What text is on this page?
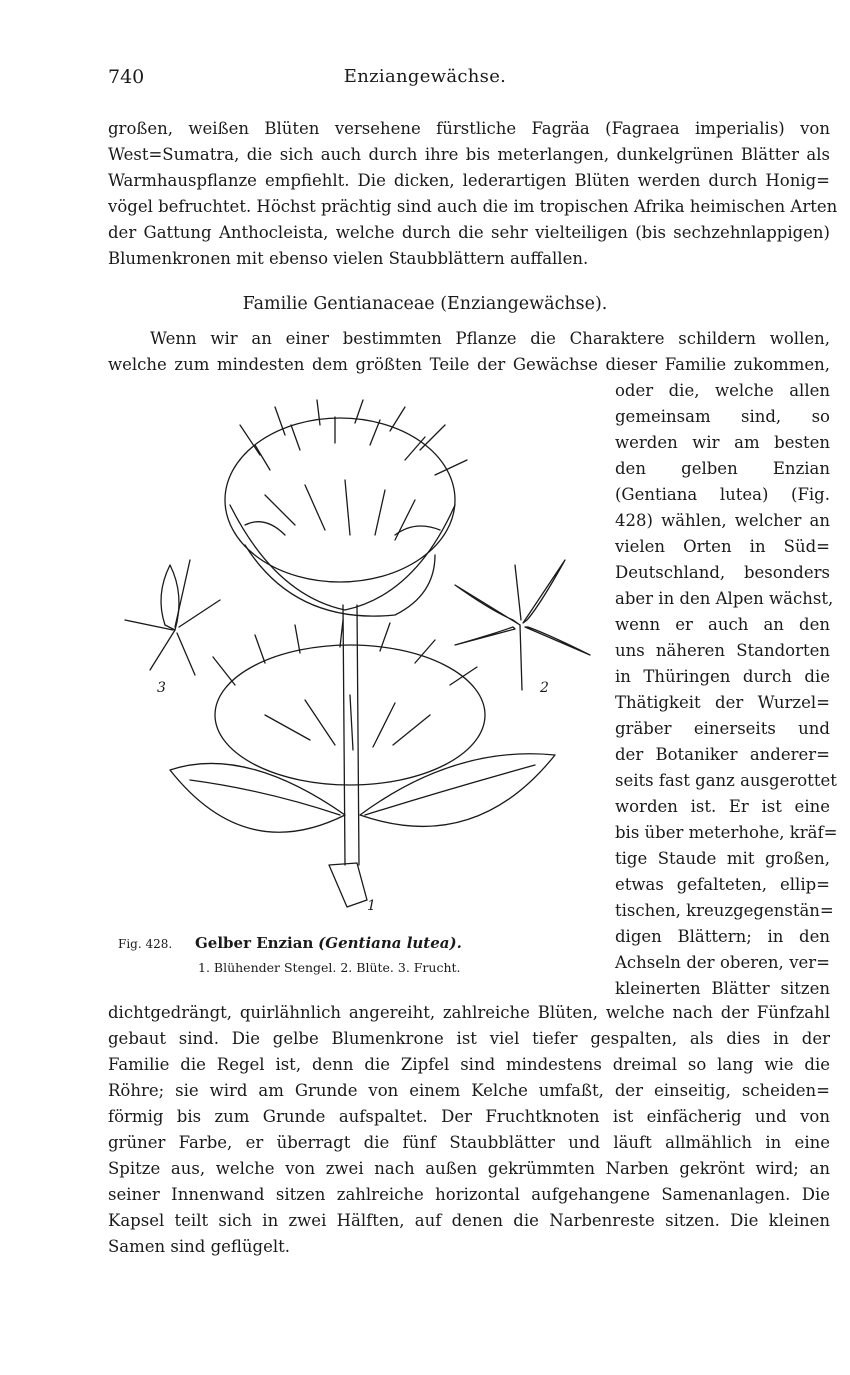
740	Enziangewächse.
großen, weißen Blüten versehene fürstliche Fagräa (Fagraea imperialis) von
West=Sumatra, die sich auch durch ihre bis meterlangen, dunkelgrünen Blätter als
Warmhauspflanze empfiehlt. Die dicken, lederartigen Blüten werden durch Honig=
vögel befruchtet. Höchst prächtig sind auch die im tropischen Afrika heimischen Arten
der Gattung Anthocleista, welche durch die sehr vielteiligen (bis sechzehnlappigen)
Blumenkronen mit ebenso vielen Staubblättern auffallen.
Familie Gentianaceae (Enziangewächse).
Wenn wir an einer bestimmten Pflanze die Charaktere schildern wollen,
welche zum mindesten dem größten Teile der Gewächse dieser Familie zukommen,
oder die, welche allen
gemeinsam sind, so
werden wir am besten
den gelben Enzian
(Gentiana lutea) (Fig.
428) wählen, welcher an
vielen Orten in Süd=
Deutschland, besonders
aber in den Alpen wächst,
wenn er auch an den
uns näheren Standorten
in Thüringen durch die
Thätigkeit der Wurzel=
gräber einerseits und
der Botaniker anderer=
seits fast ganz ausgerottet
worden ist. Er ist eine
bis über meterhohe, kräf=
tige Staude mit großen,
etwas gefalteten, ellip=
tischen, kreuzgegenstän=
digen Blättern; in den
Achseln der oberen, ver=
kleinerten Blätter sitzen
1
2
3
Fig. 428. Gelber Enzian (Gentiana lutea).
1. Blühender Stengel. 2. Blüte. 3. Frucht.
dichtgedrängt, quirlähnlich angereiht, zahlreiche Blüten, welche nach der Fünfzahl
gebaut sind. Die gelbe Blumenkrone ist viel tiefer gespalten, als dies in der
Familie die Regel ist, denn die Zipfel sind mindestens dreimal so lang wie die
Röhre; sie wird am Grunde von einem Kelche umfaßt, der einseitig, scheiden=
förmig bis zum Grunde aufspaltet. Der Fruchtknoten ist einfächerig und von
grüner Farbe, er überragt die fünf Staubblätter und läuft allmählich in eine
Spitze aus, welche von zwei nach außen gekrümmten Narben gekrönt wird; an
seiner Innenwand sitzen zahlreiche horizontal aufgehangene Samenanlagen. Die
Kapsel teilt sich in zwei Hälften, auf denen die Narbenreste sitzen. Die kleinen
Samen sind geflügelt.
